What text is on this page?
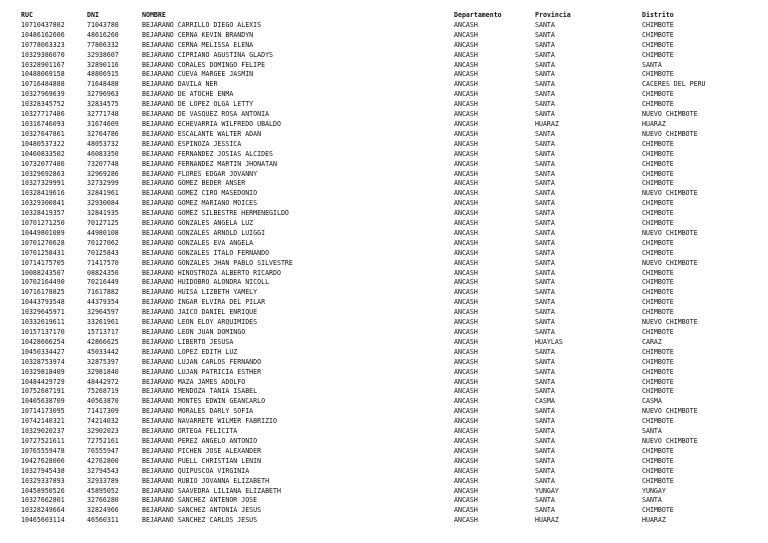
RUC	DNI	NOMBRE	Departamento	Provincia	Distrito
10710437802	71043780	BEJARANO CARRILLO DIEGO ALEXIS	ANCASH	SANTA	CHIMBOTE
10486162606	48616260	BEJARANO CERNA KEVIN BRANDYN	ANCASH	SANTA	CHIMBOTE
10778063323	77806332	BEJARANO CERNA MELISSA ELENA	ANCASH	SANTA	CHIMBOTE
10329386070	32938607	BEJARANO CIPRIANO AGUSTINA GLADYS	ANCASH	SANTA	CHIMBOTE
10328901167	32890116	BEJARANO CORALES DOMINGO FELIPE	ANCASH	SANTA	SANTA
10488069158	48806915	BEJARANO CUEVA MARGEE JASMIN	ANCASH	SANTA	CHIMBOTE
10716484888	71648488	BEJARANO DAVILA NER	ANCASH	SANTA	CACERES DEL PERU
10327969639	32796963	BEJARANO DE ATOCHE ENMA	ANCASH	SANTA	CHIMBOTE
10328345752	32834575	BEJARANO DE LOPEZ OLGA LETTY	ANCASH	SANTA	CHIMBOTE
10327717486	32771748	BEJARANO DE VASQUEZ ROSA ANTONIA	ANCASH	SANTA	NUEVO CHIMBOTE
10316746093	31674609	BEJARANO ECHEVARRIA WILFREDO UBALDO	ANCASH	HUARAZ	HUARAZ
10327647861	32764786	BEJARANO ESCALANTE WALTER ADAN	ANCASH	SANTA	NUEVO CHIMBOTE
10480537322	48053732	BEJARANO ESPINOZA JESSICA	ANCASH	SANTA	CHIMBOTE
10460833502	46083350	BEJARANO FERNANDEZ JOSIAS ALCIDES	ANCASH	SANTA	CHIMBOTE
10732077486	73207748	BEJARANO FERNANDEZ MARTIN JHONATAN	ANCASH	SANTA	CHIMBOTE
10329692863	32969286	BEJARANO FLORES EDGAR JOVANNY	ANCASH	SANTA	CHIMBOTE
10327329991	32732999	BEJARANO GOMEZ BEDER ANSER	ANCASH	SANTA	CHIMBOTE
10328419616	32841961	BEJARANO GOMEZ CIRO MASEDONIO	ANCASH	SANTA	NUEVO CHIMBOTE
10329300841	32930084	BEJARANO GOMEZ MARIANO MOICES	ANCASH	SANTA	CHIMBOTE
10328419357	32841935	BEJARANO GOMEZ SILBESTRE HERMENEGILDO	ANCASH	SANTA	CHIMBOTE
10701271250	70127125	BEJARANO GONZALES ANGELA LUZ	ANCASH	SANTA	CHIMBOTE
10449801089	44980108	BEJARANO GONZALES ARNOLD LUIGGI	ANCASH	SANTA	NUEVO CHIMBOTE
10701270628	70127062	BEJARANO GONZALES EVA ANGELA	ANCASH	SANTA	CHIMBOTE
10701258431	70125843	BEJARANO GONZALES ITALO FERNANDO	ANCASH	SANTA	CHIMBOTE
10714175705	71417570	BEJARANO GONZALES JHAN PABLO SILVESTRE	ANCASH	SANTA	NUEVO CHIMBOTE
10088243507	08824350	BEJARANO HINOSTROZA ALBERTO RICARDO	ANCASH	SANTA	CHIMBOTE
10702164490	70216449	BEJARANO HUIDOBRO ALONDRA NICOLL	ANCASH	SANTA	CHIMBOTE
10716178825	71617882	BEJARANO HUISA LIZBETH YAMELY	ANCASH	SANTA	CHIMBOTE
10443793548	44379354	BEJARANO INGAR ELVIRA DEL PILAR	ANCASH	SANTA	CHIMBOTE
10329645971	32964597	BEJARANO JAICO DANIEL ENRIQUE	ANCASH	SANTA	CHIMBOTE
10332619611	33261961	BEJARANO LEON ELOY ARQUIMIDES	ANCASH	SANTA	NUEVO CHIMBOTE
10157137170	15713717	BEJARANO LEON JUAN DOMINGO	ANCASH	SANTA	CHIMBOTE
10428666254	42866625	BEJARANO LIBERTO JESUSA	ANCASH	HUAYLAS	CARAZ
10450334427	45033442	BEJARANO LOPEZ EDITH LUZ	ANCASH	SANTA	CHIMBOTE
10328753974	32875397	BEJARANO LUJAN CARLOS FERNANDO	ANCASH	SANTA	CHIMBOTE
10329818409	32981840	BEJARANO LUJAN PATRICIA ESTHER	ANCASH	SANTA	CHIMBOTE
10484429729	48442972	BEJARANO MAZA JAMES ADOLFO	ANCASH	SANTA	CHIMBOTE
10752687191	75268719	BEJARANO MENDOZA TANIA ISABEL	ANCASH	SANTA	CHIMBOTE
10405638709	40563870	BEJARANO MONTES EDWIN GEANCARLO	ANCASH	CASMA	CASMA
10714173095	71417309	BEJARANO MORALES DARLY SOFIA	ANCASH	SANTA	NUEVO CHIMBOTE
10742140321	74214032	BEJARANO NAVARRETE WILMER FABRIZIO	ANCASH	SANTA	CHIMBOTE
10329020237	32902023	BEJARANO ORTEGA FELICITA	ANCASH	SANTA	SANTA
10727521611	72752161	BEJARANO PEREZ ANGELO ANTONIO	ANCASH	SANTA	NUEVO CHIMBOTE
10765559478	76555947	BEJARANO PICHEN JOSE ALEXANDER	ANCASH	SANTA	CHIMBOTE
10427628006	42762800	BEJARANO PUELL CHRISTIAN LENIN	ANCASH	SANTA	CHIMBOTE
10327945438	32794543	BEJARANO QUIPUSCOA VIRGINIA	ANCASH	SANTA	CHIMBOTE
10329337893	32933789	BEJARANO RUBIO JOVANNA ELIZABETH	ANCASH	SANTA	CHIMBOTE
10458950526	45895052	BEJARANO SAAVEDRA LILIANA ELIZABETH	ANCASH	YUNGAY	YUNGAY
10327662801	32766280	BEJARANO SANCHEZ ANTENOR JOSE	ANCASH	SANTA	SANTA
10328249664	32824966	BEJARANO SANCHEZ ANTONIA JESUS	ANCASH	SANTA	CHIMBOTE
10465603114	46560311	BEJARANO SANCHEZ CARLOS JESUS	ANCASH	HUARAZ	HUARAZ
